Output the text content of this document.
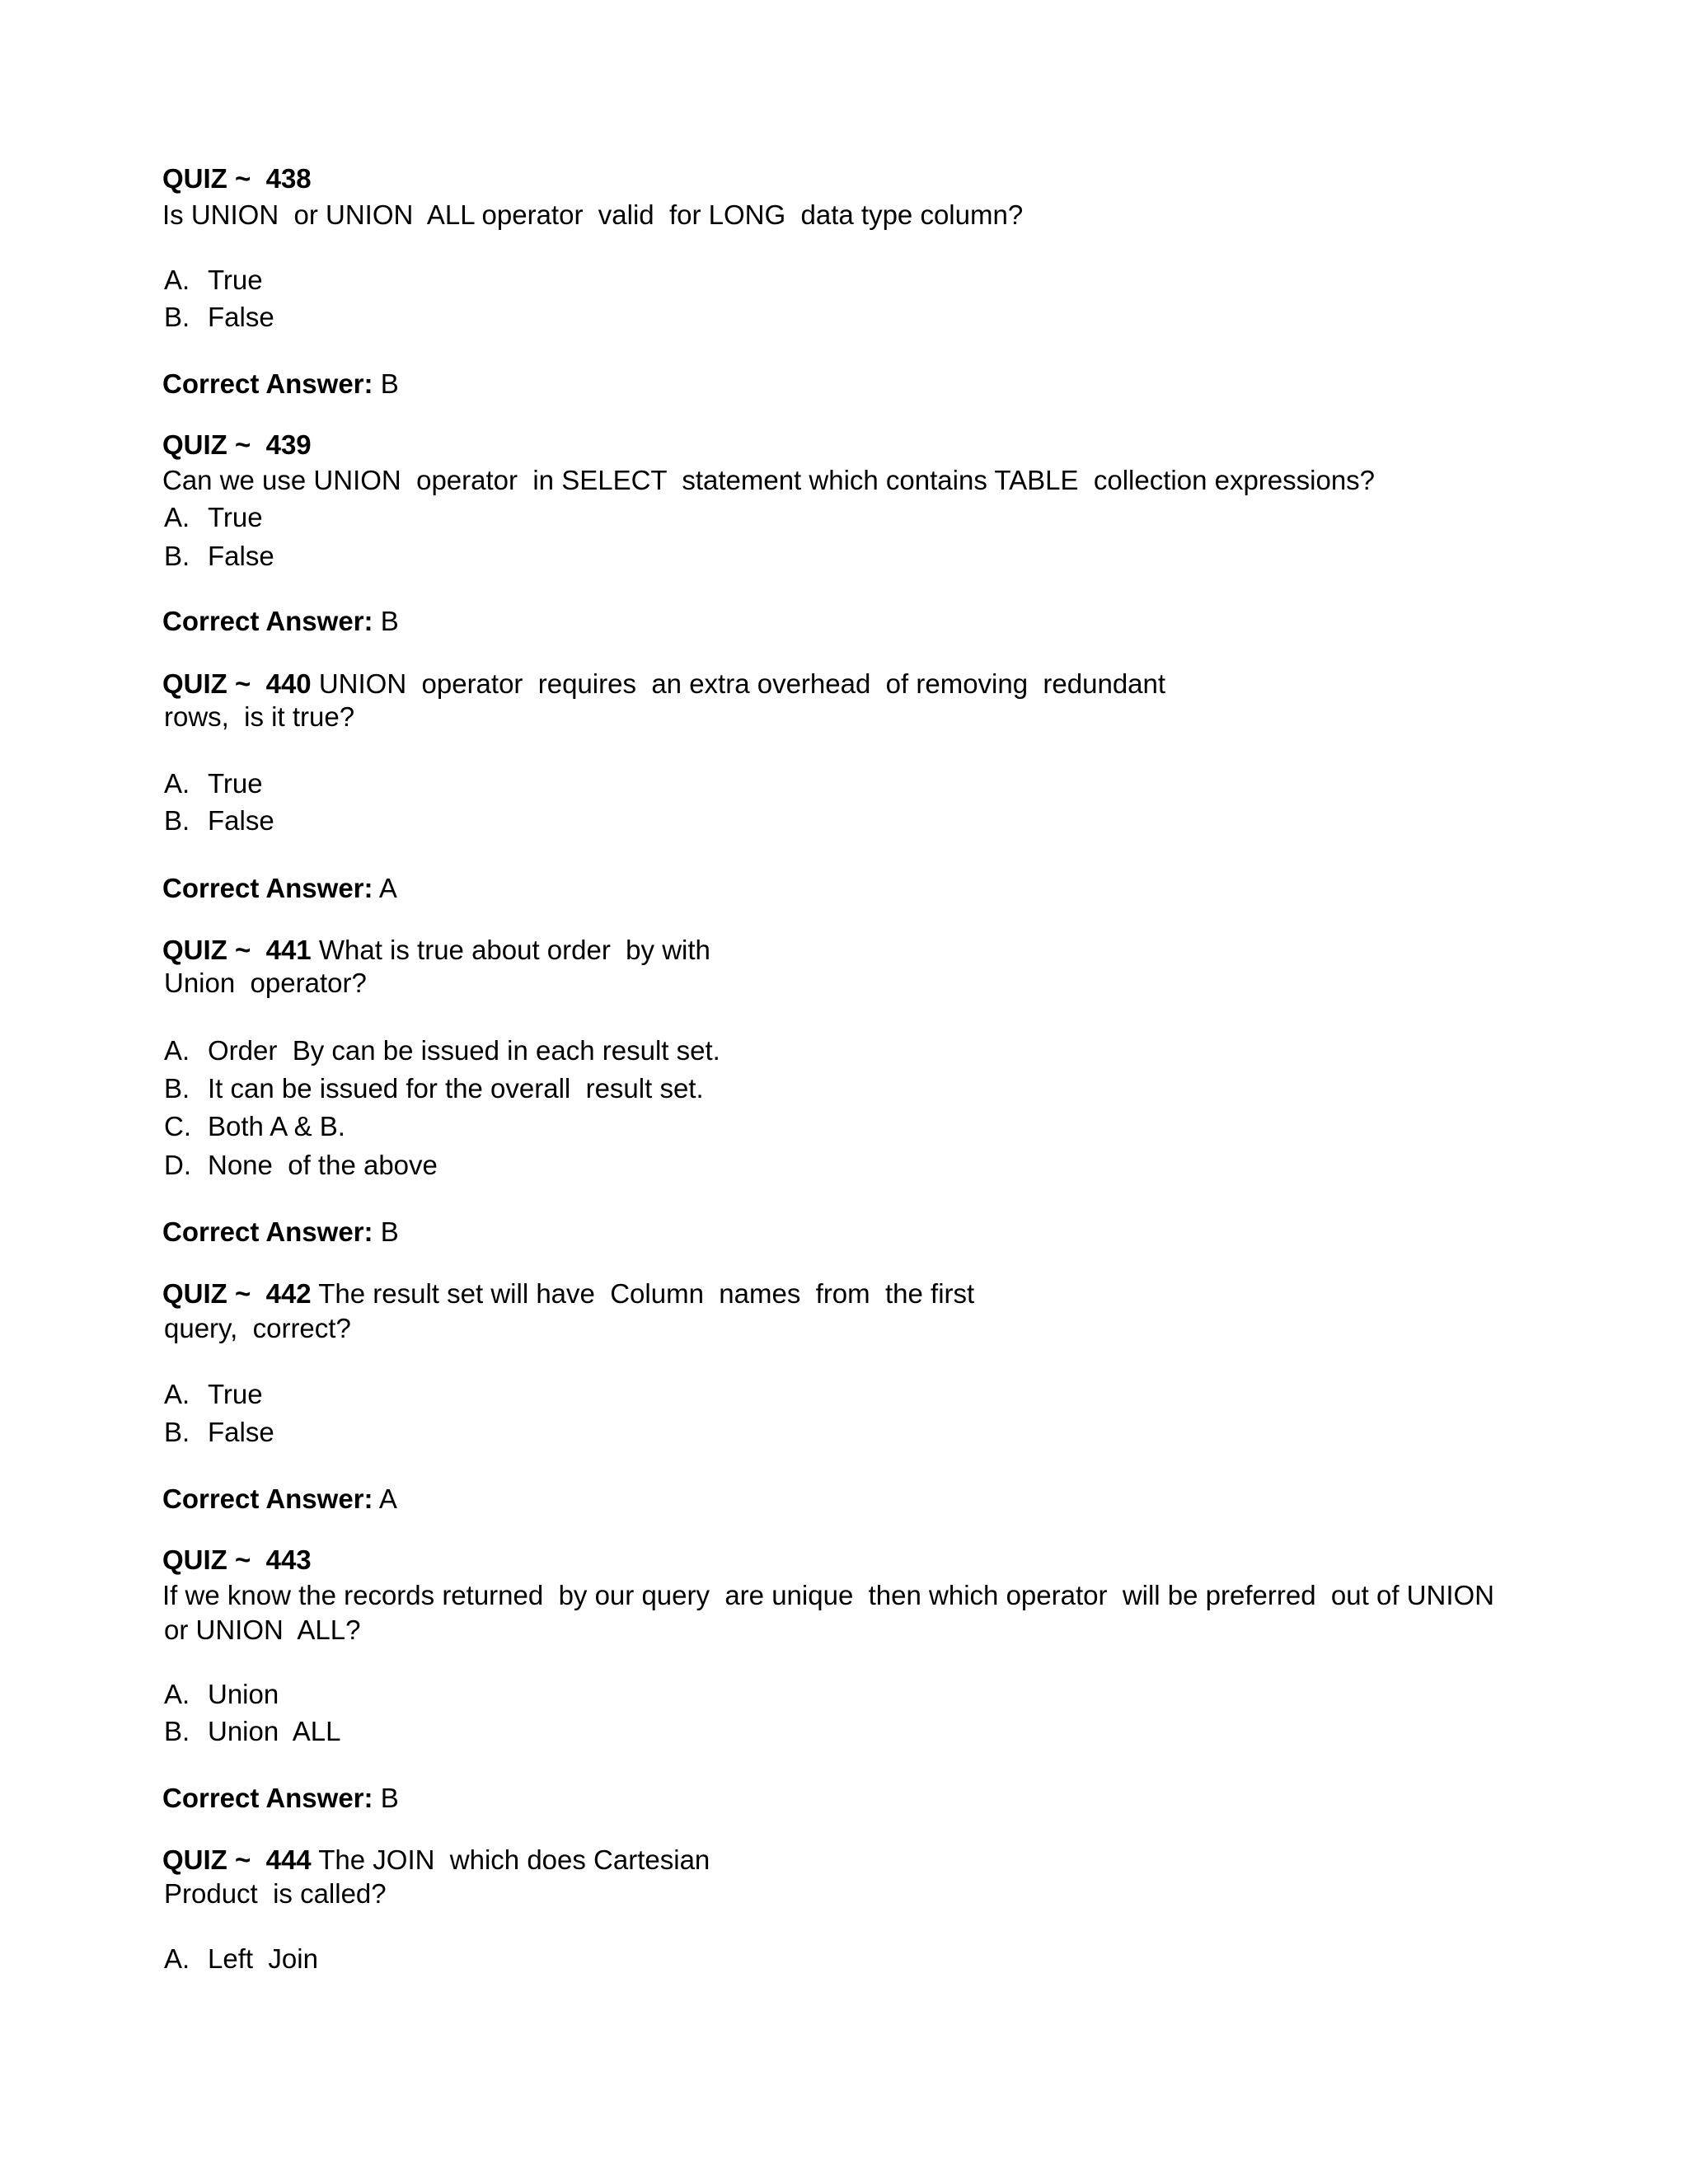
QUIZ ~  438
Is UNION  or UNION  ALL operator  valid  for LONG  data type column?
A. True
B. False
Correct Answer: B
QUIZ ~  439
Can we use UNION  operator  in SELECT  statement which contains TABLE  collection expressions?
A. True
B. False
Correct Answer: B
QUIZ ~  440 UNION  operator  requires  an extra overhead  of removing  redundant
rows,  is it true?
A. True
B. False
Correct Answer: A
QUIZ ~  441 What is true about order  by with
Union  operator?
A. Order  By can be issued in each result set.
B. It can be issued for the overall  result set.
C. Both A & B.
D. None  of the above
Correct Answer: B
QUIZ ~  442 The result set will have  Column  names  from  the first
query,  correct?
A. True
B. False
Correct Answer: A
QUIZ ~  443
If we know the records returned  by our query  are unique  then which operator  will be preferred  out of UNION
or UNION  ALL?
A. Union
B. Union  ALL
Correct Answer: B
QUIZ ~  444 The JOIN  which does Cartesian
Product  is called?
A. Left  Join
